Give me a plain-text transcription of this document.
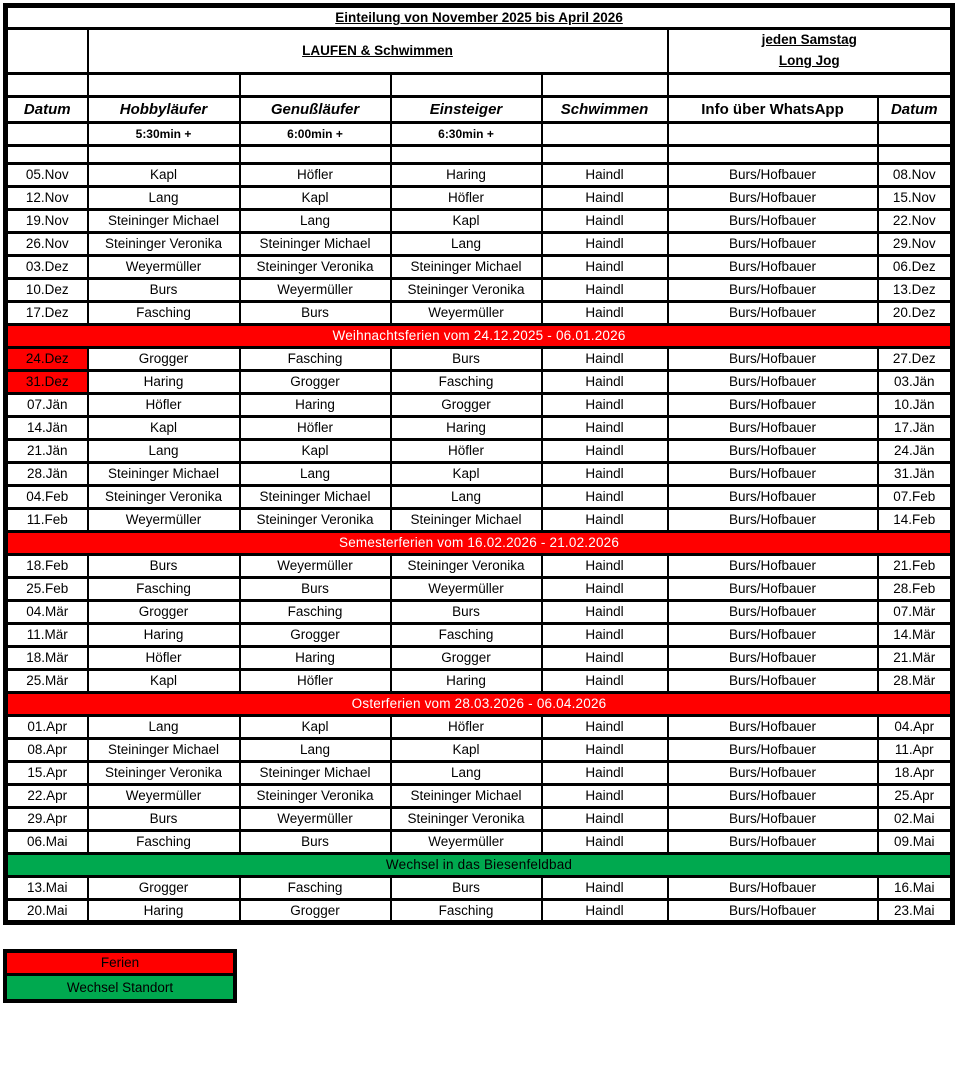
Einteilung von November 2025 bis April 2026						
	LAUFEN & Schwimmen				jeden Samstag
Long Jog	

Datum	Hobbyläufer	Genußläufer	Einsteiger	Schwimmen	Info über WhatsApp	Datum
	5:30min +	6:00min +	6:30min +			

05.Nov	Kapl	Höfler	Haring	Haindl	Burs/Hofbauer	08.Nov
12.Nov	Lang	Kapl	Höfler	Haindl	Burs/Hofbauer	15.Nov
19.Nov	Steininger Michael	Lang	Kapl	Haindl	Burs/Hofbauer	22.Nov
26.Nov	Steininger Veronika	Steininger Michael	Lang	Haindl	Burs/Hofbauer	29.Nov
03.Dez	Weyermüller	Steininger Veronika	Steininger Michael	Haindl	Burs/Hofbauer	06.Dez
10.Dez	Burs	Weyermüller	Steininger Veronika	Haindl	Burs/Hofbauer	13.Dez
17.Dez	Fasching	Burs	Weyermüller	Haindl	Burs/Hofbauer	20.Dez
Weihnachtsferien vom 24.12.2025 - 06.01.2026						
24.Dez	Grogger	Fasching	Burs	Haindl	Burs/Hofbauer	27.Dez
31.Dez	Haring	Grogger	Fasching	Haindl	Burs/Hofbauer	03.Jän
07.Jän	Höfler	Haring	Grogger	Haindl	Burs/Hofbauer	10.Jän
14.Jän	Kapl	Höfler	Haring	Haindl	Burs/Hofbauer	17.Jän
21.Jän	Lang	Kapl	Höfler	Haindl	Burs/Hofbauer	24.Jän
28.Jän	Steininger Michael	Lang	Kapl	Haindl	Burs/Hofbauer	31.Jän
04.Feb	Steininger Veronika	Steininger Michael	Lang	Haindl	Burs/Hofbauer	07.Feb
11.Feb	Weyermüller	Steininger Veronika	Steininger Michael	Haindl	Burs/Hofbauer	14.Feb
Semesterferien vom 16.02.2026 - 21.02.2026						
18.Feb	Burs	Weyermüller	Steininger Veronika	Haindl	Burs/Hofbauer	21.Feb
25.Feb	Fasching	Burs	Weyermüller	Haindl	Burs/Hofbauer	28.Feb
04.Mär	Grogger	Fasching	Burs	Haindl	Burs/Hofbauer	07.Mär
11.Mär	Haring	Grogger	Fasching	Haindl	Burs/Hofbauer	14.Mär
18.Mär	Höfler	Haring	Grogger	Haindl	Burs/Hofbauer	21.Mär
25.Mär	Kapl	Höfler	Haring	Haindl	Burs/Hofbauer	28.Mär
Osterferien vom 28.03.2026 - 06.04.2026						
01.Apr	Lang	Kapl	Höfler	Haindl	Burs/Hofbauer	04.Apr
08.Apr	Steininger Michael	Lang	Kapl	Haindl	Burs/Hofbauer	11.Apr
15.Apr	Steininger Veronika	Steininger Michael	Lang	Haindl	Burs/Hofbauer	18.Apr
22.Apr	Weyermüller	Steininger Veronika	Steininger Michael	Haindl	Burs/Hofbauer	25.Apr
29.Apr	Burs	Weyermüller	Steininger Veronika	Haindl	Burs/Hofbauer	02.Mai
06.Mai	Fasching	Burs	Weyermüller	Haindl	Burs/Hofbauer	09.Mai
Wechsel in das Biesenfeldbad						
13.Mai	Grogger	Fasching	Burs	Haindl	Burs/Hofbauer	16.Mai
20.Mai	Haring	Grogger	Fasching	Haindl	Burs/Hofbauer	23.Mai
Ferien
Wechsel Standort
